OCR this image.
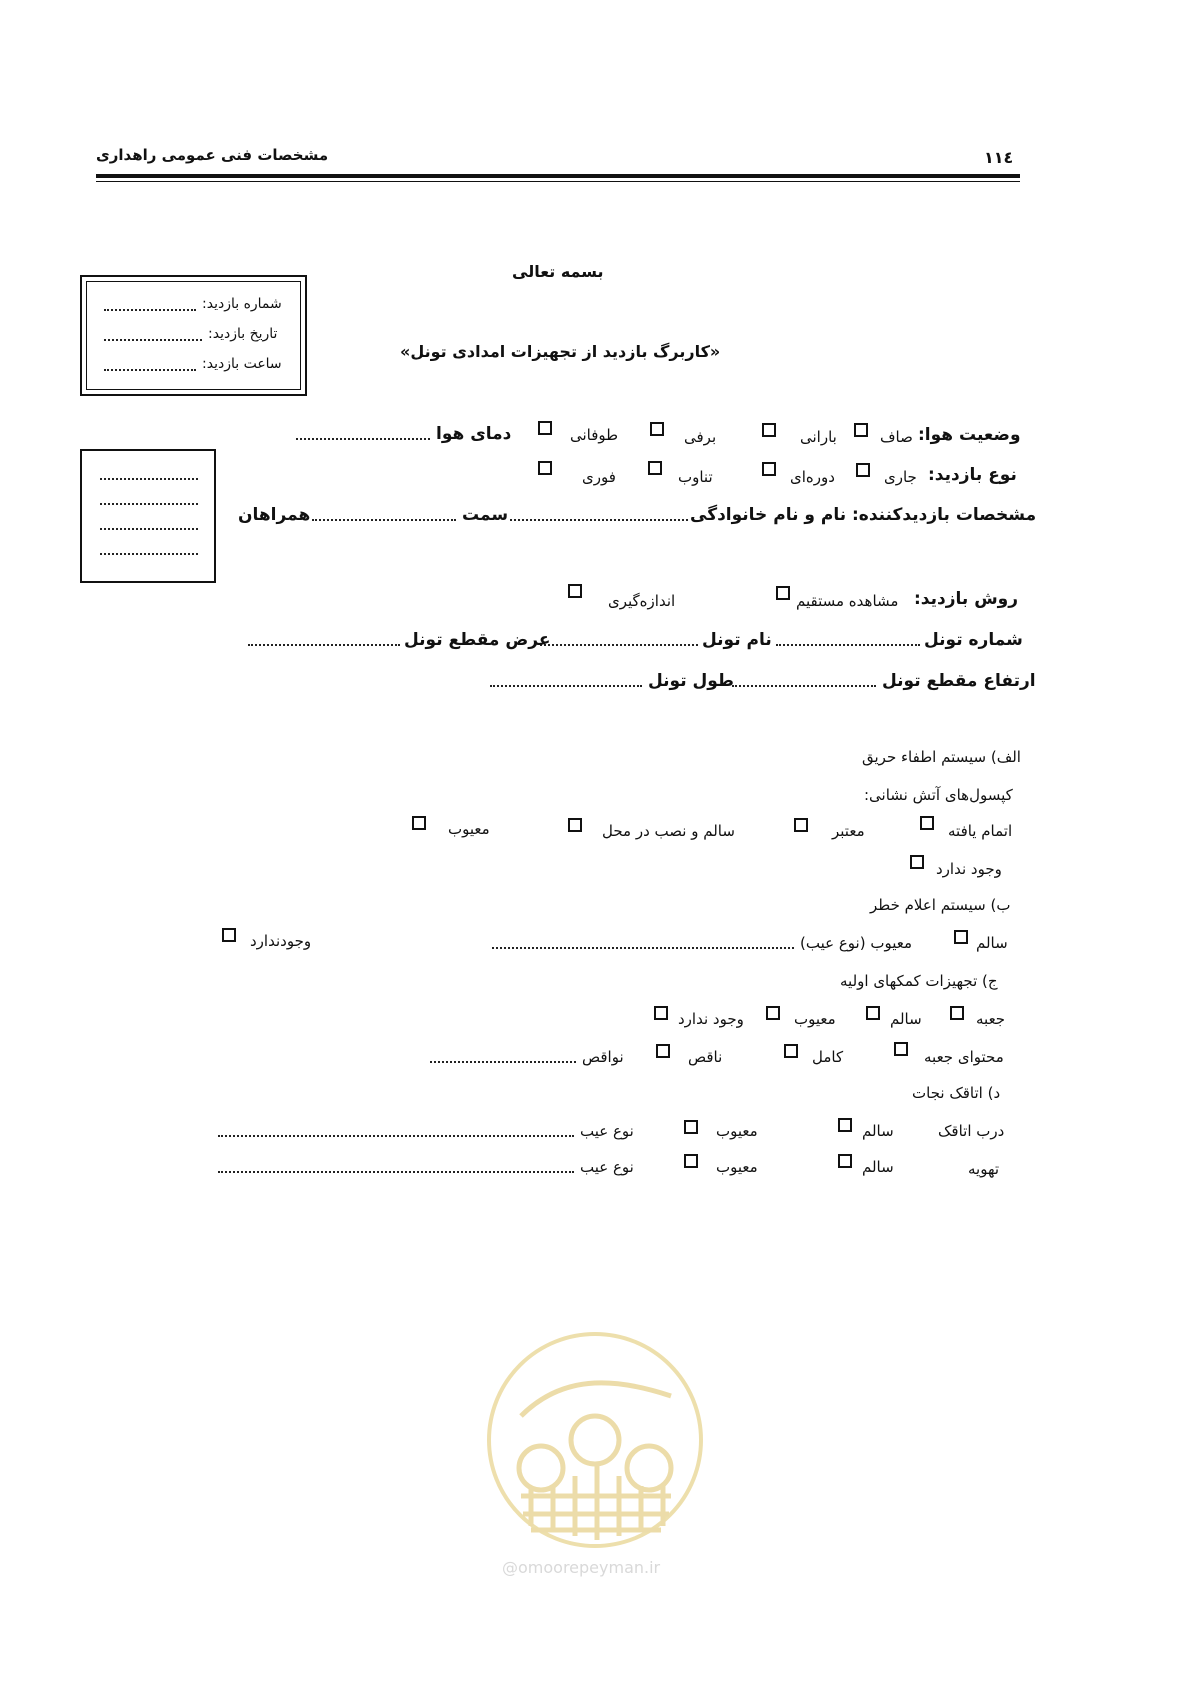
مشخصات فنی عمومی راهداری	۱۱٤
بسمه تعالی
«کاربرگ بازدید از تجهیزات امدادی تونل»
شماره بازدید:
تاریخ بازدید:
ساعت بازدید:
وضعیت هوا:
صاف
بارانی
برفی
طوفانی
دمای هوا
نوع بازدید:
جاری
دوره‌ای
تناوب
فوری
مشخصات بازدیدکننده: نام و نام خانوادگی
سمت
همراهان
روش بازدید:
مشاهده مستقیم
اندازه‌گیری
شماره تونل
نام تونل
عرض مقطع تونل
ارتفاع مقطع تونل
طول تونل
الف) سیستم اطفاء حریق
کپسول‌های آتش نشانی:
اتمام یافته
معتبر
سالم و نصب در محل
معیوب
وجود ندارد
ب) سیستم اعلام خطر
سالم
معیوب (نوع عیب)
وجودندارد
ج) تجهیزات کمکهای اولیه
جعبه
سالم
معیوب
وجود ندارد
محتوای جعبه
کامل
ناقص
نواقص
د) اتاقک نجات
درب اتاقک
سالم
معیوب
نوع عیب
تهویه
سالم
معیوب
نوع عیب
@omoorepeyman.ir
